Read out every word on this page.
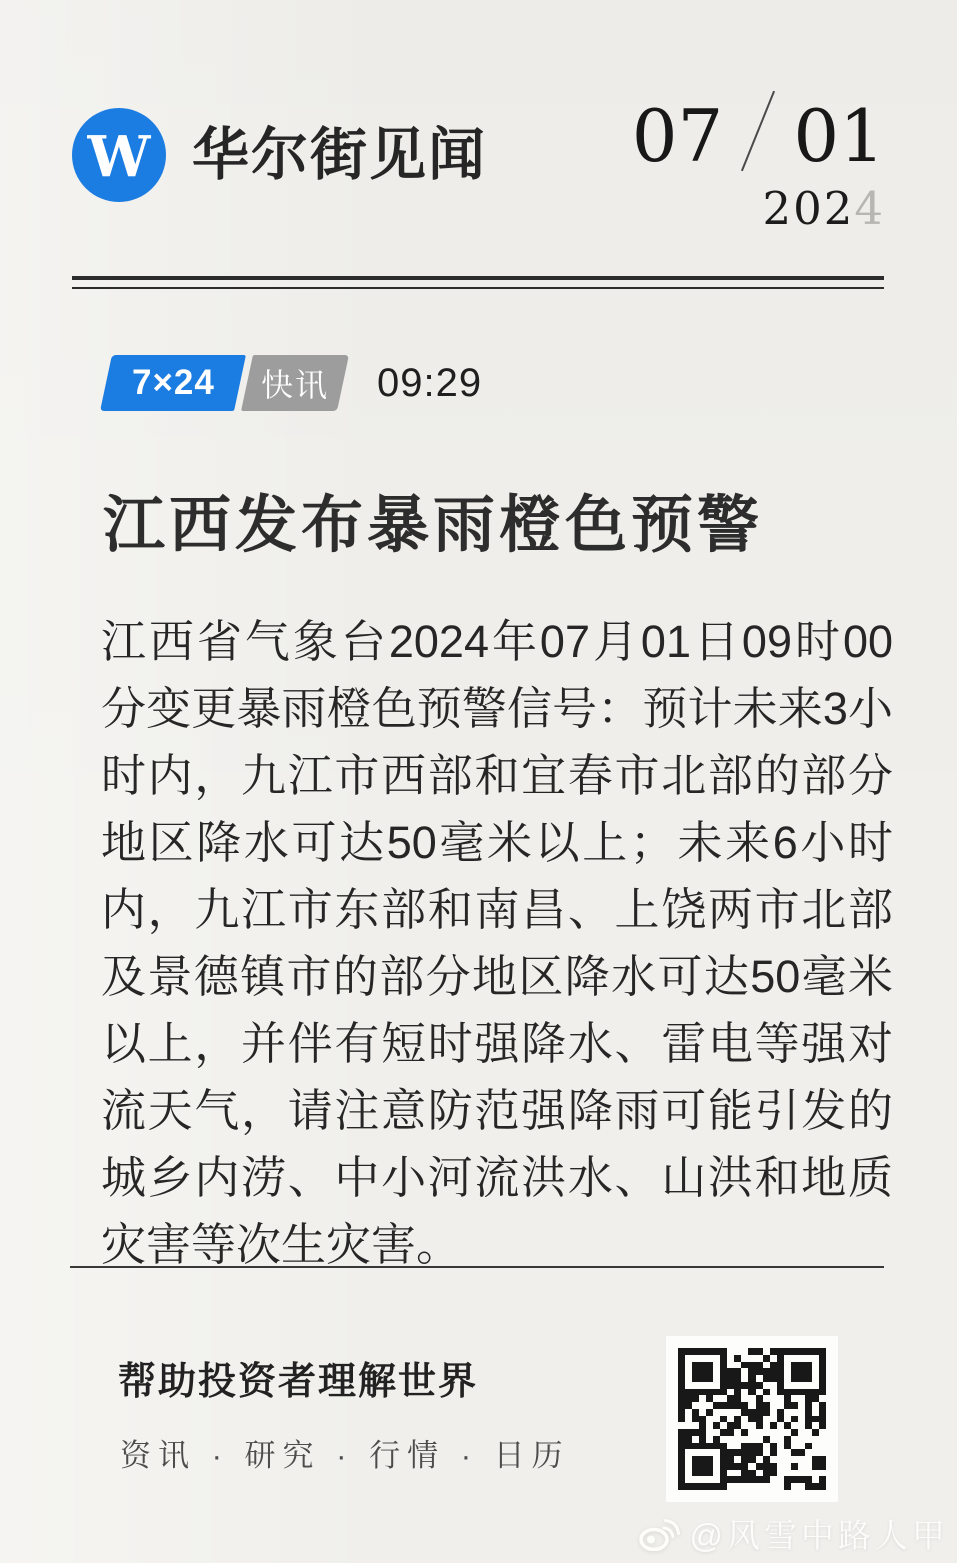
W 华尔街见闻 07 01
2024
7×24 快讯 09:29
江西发布暴雨橙色预警

江西省气象台2024年07月01日09时00分变更暴雨橙色预警信号：预计未来3小时内，九江市西部和宜春市北部的部分地区降水可达50毫米以上；未来6小时内，九江市东部和南昌、上饶两市北部及景德镇市的部分地区降水可达50毫米以上，并伴有短时强降水、雷电等强对流天气，请注意防范强降雨可能引发的城乡内涝、中小河流洪水、山洪和地质灾害等次生灾害。

帮助投资者理解世界
资讯 · 研究 · 行情 · 日历
@风雪中路人甲
